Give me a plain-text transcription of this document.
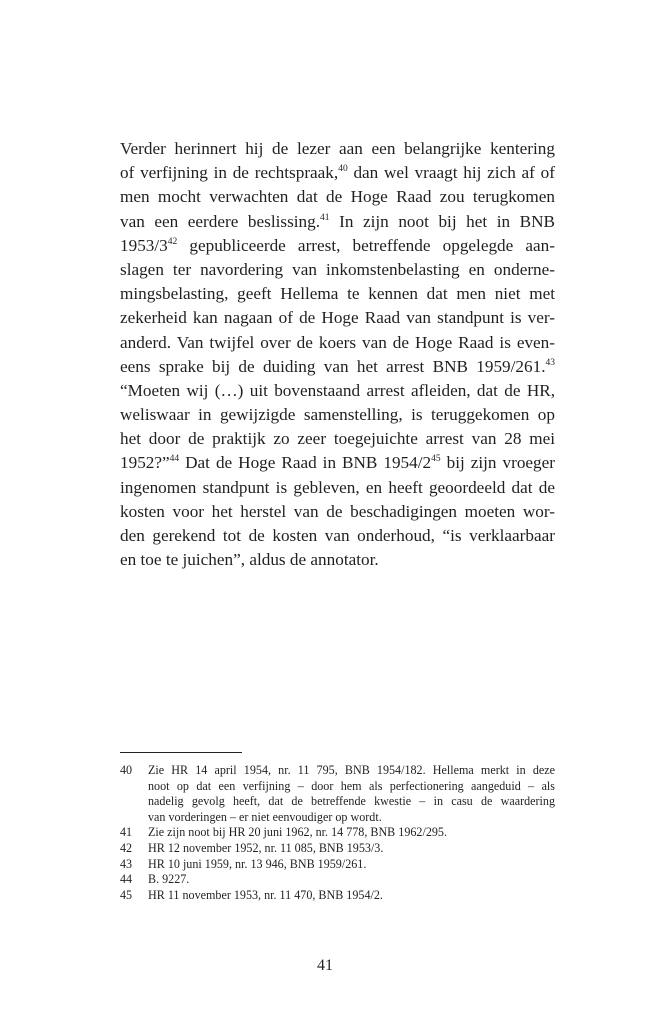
Verder herinnert hij de lezer aan een belangrijke kentering
of verfijning in de rechtspraak,$^{40}$ dan wel vraagt hij zich af of
men mocht verwachten dat de Hoge Raad zou terugkomen
van een eerdere beslissing.$^{41}$ In zijn noot bij het in BNB
1953/3$^{42}$ gepubliceerde arrest, betreffende opgelegde aan-
slagen ter navordering van inkomstenbelasting en onderne-
mingsbelasting, geeft Hellema te kennen dat men niet met
zekerheid kan nagaan of de Hoge Raad van standpunt is ver-
anderd. Van twijfel over de koers van de Hoge Raad is even-
eens sprake bij de duiding van het arrest BNB 1959/261.43
“Moeten wij (…) uit bovenstaand arrest afleiden, dat de HR,
weliswaar in gewijzigde samenstelling, is teruggekomen op
het door de praktijk zo zeer toegejuichte arrest van 28 mei
1952?”$^{44}$ Dat de Hoge Raad in BNB 1954/2$^{45}$ bij zijn vroeger
ingenomen standpunt is gebleven, en heeft geoordeeld dat de
kosten voor het herstel van de beschadigingen moeten wor-
den gerekend tot de kosten van onderhoud, “is verklaarbaar
en toe te juichen”, aldus de annotator.
40 Zie HR 14 april 1954, nr. 11 795, BNB 1954/182. Hellema merkt in deze
noot op dat een verfijning – door hem als perfectionering aangeduid – als
nadelig gevolg heeft, dat de betreffende kwestie – in casu de waardering
van vorderingen – er niet eenvoudiger op wordt.
41 Zie zijn noot bij HR 20 juni 1962, nr. 14 778, BNB 1962/295.
42 HR 12 november 1952, nr. 11 085, BNB 1953/3.
43 HR 10 juni 1959, nr. 13 946, BNB 1959/261.
44 B. 9227.
45 HR 11 november 1953, nr. 11 470, BNB 1954/2.
41
